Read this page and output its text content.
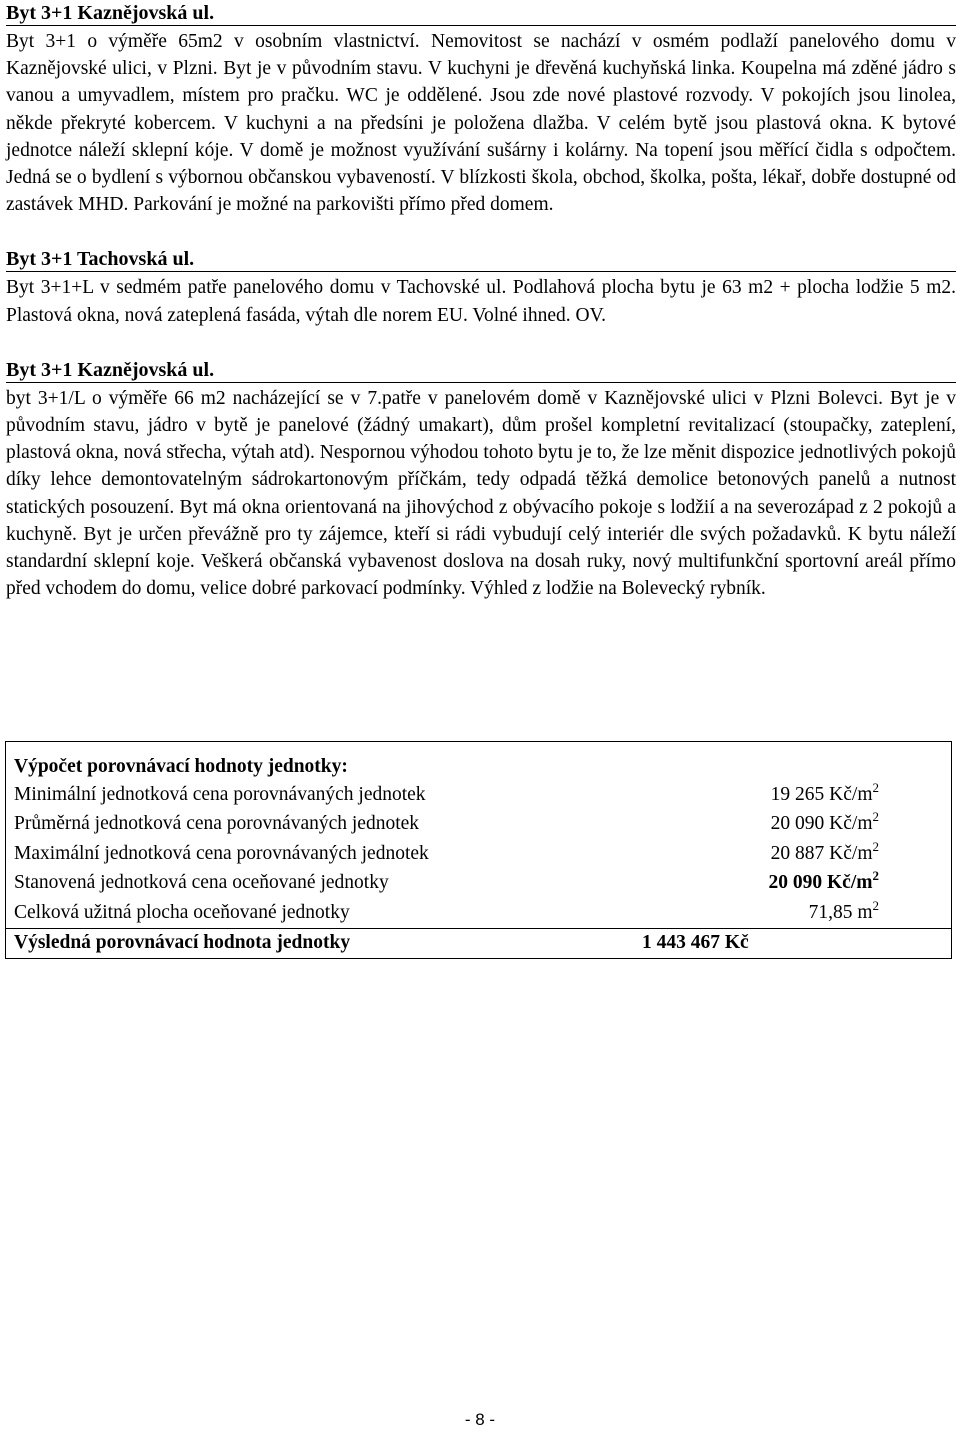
Byt 3+1 Kaznějovská ul.

Byt 3+1 o výměře 65m2 v osobním vlastnictví. Nemovitost se nachází v osmém podlaží panelového domu v Kaznějovské ulici, v Plzni. Byt je v původním stavu. V kuchyni je dřevěná kuchyňská linka. Koupelna má zděné jádro s vanou a umyvadlem, místem pro pračku. WC je oddělené. Jsou zde nové plastové rozvody. V pokojích jsou linolea, někde překryté kobercem. V kuchyni a na předsíni je položena dlažba. V celém bytě jsou plastová okna. K bytové jednotce náleží sklepní kóje. V domě je možnost využívání sušárny i kolárny. Na topení jsou měřící čidla s odpočtem. Jedná se o bydlení s výbornou občanskou vybaveností. V blízkosti škola, obchod, školka, pošta, lékař, dobře dostupné od zastávek MHD. Parkování je možné na parkovišti přímo před domem.

Byt 3+1 Tachovská ul.

Byt 3+1+L v sedmém patře panelového domu v Tachovské ul. Podlahová plocha bytu je 63 m2 + plocha lodžie 5 m2. Plastová okna, nová zateplená fasáda, výtah dle norem EU. Volné ihned. OV.

Byt 3+1 Kaznějovská ul.

byt 3+1/L o výměře 66 m2 nacházející se v 7.patře v panelovém domě v Kaznějovské ulici v Plzni Bolevci. Byt je v původním stavu, jádro v bytě je panelové (žádný umakart), dům prošel kompletní revitalizací (stoupačky, zateplení, plastová okna, nová střecha, výtah atd). Nespornou výhodou tohoto bytu je to, že lze měnit dispozice jednotlivých pokojů díky lehce demontovatelným sádrokartonovým příčkám, tedy odpadá těžká demolice betonových panelů a nutnost statických posouzení. Byt má okna orientovaná na jihovýchod z obývacího pokoje s lodžií a na severozápad z 2 pokojů a kuchyně. Byt je určen převážně pro ty zájemce, kteří si rádi vybudují celý interiér dle svých požadavků. K bytu náleží standardní sklepní koje. Veškerá občanská vybavenost doslova na dosah ruky, nový multifunkční sportovní areál přímo před vchodem do domu, velice dobré parkovací podmínky. Výhled z lodžie na Bolevecký rybník.

Výpočet porovnávací hodnoty jednotky:	
Minimální jednotková cena porovnávaných jednotek	19 265 $Kč/m^2$
Průměrná jednotková cena porovnávaných jednotek	20 090 $Kč/m^2$
Maximální jednotková cena porovnávaných jednotek	20 887 $Kč/m^2$
Stanovená jednotková cena oceňované jednotky	20 090 $Kč/m^2$
Celková užitná plocha oceňované jednotky	71,85 $m^2$
Výsledná porovnávací hodnota jednotky	1 443 467 Kč
- 8 -
